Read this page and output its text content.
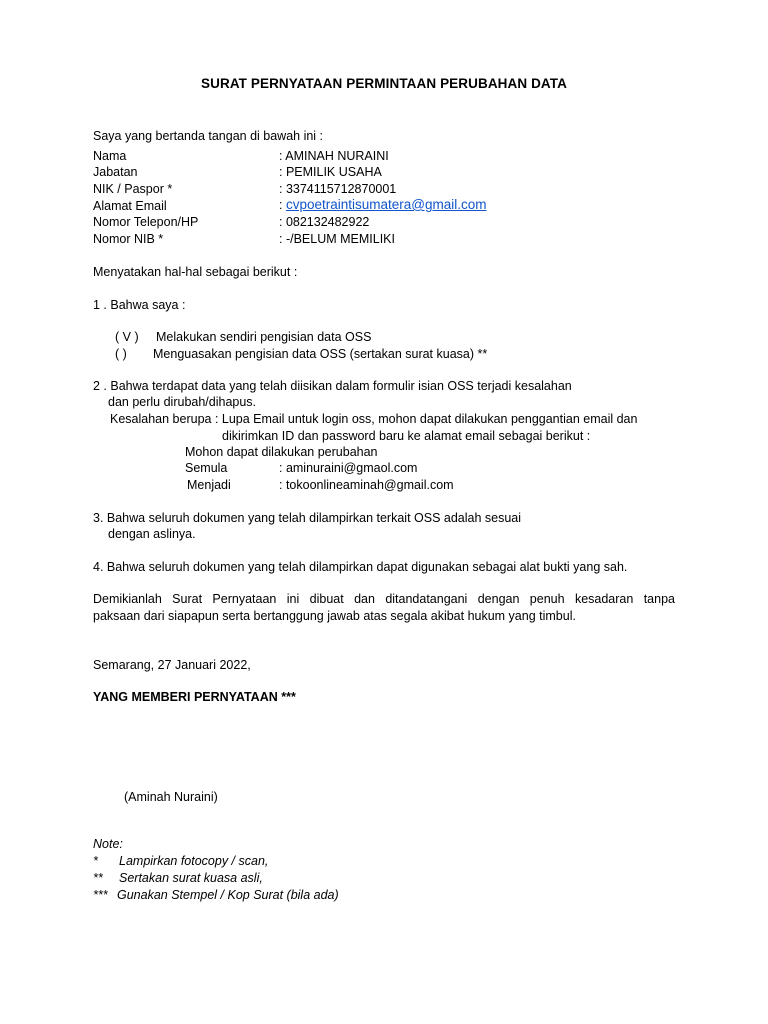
SURAT PERNYATAAN PERMINTAAN PERUBAHAN DATA
Saya yang bertanda tangan di bawah ini :
Nama	: AMINAH NURAINI
Jabatan	: PEMILIK USAHA
NIK / Paspor *	: 3374115712870001
Alamat Email	: cvpoetraintisumatera@gmail.com
Nomor Telepon/HP	: 082132482922
Nomor NIB *	: -/BELUM MEMILIKI
Menyatakan hal-hal sebagai berikut :
1 . Bahwa saya :
( V ) Melakukan sendiri pengisian data OSS
( ) Menguasakan pengisian data OSS (sertakan surat kuasa) **
2 . Bahwa terdapat data yang telah diisikan dalam formulir isian OSS terjadi kesalahan
dan perlu dirubah/dihapus.
Kesalahan berupa : Lupa Email untuk login oss, mohon dapat dilakukan penggantian email dan
dikirimkan ID dan password baru ke alamat email sebagai berikut :
Mohon dapat dilakukan perubahan
Semula	: aminuraini@gmaol.com
Menjadi	: tokoonlineaminah@gmail.com
3. Bahwa seluruh dokumen yang telah dilampirkan terkait OSS adalah sesuai
dengan aslinya.
4. Bahwa seluruh dokumen yang telah dilampirkan dapat digunakan sebagai alat bukti yang sah.
Demikianlah Surat Pernyataan ini dibuat dan ditandatangani dengan penuh kesadaran tanpa
paksaan dari siapapun serta bertanggung jawab atas segala akibat hukum yang timbul.
Semarang, 27 Januari 2022,
YANG MEMBERI PERNYATAAN ***
(Aminah Nuraini)
Note:
* Lampirkan fotocopy / scan,
** Sertakan surat kuasa asli,
*** Gunakan Stempel / Kop Surat (bila ada)
